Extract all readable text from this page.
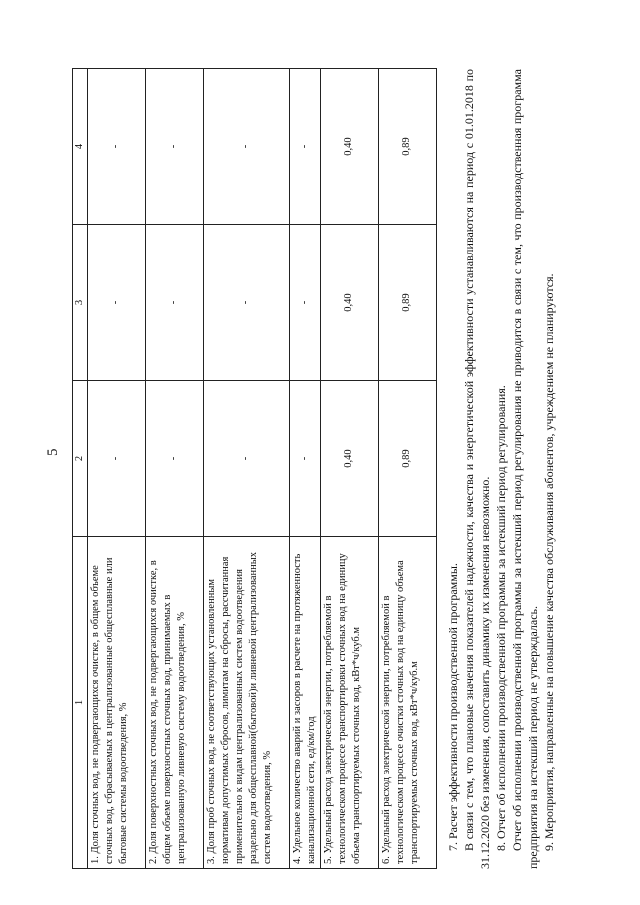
5
1	2	3	4
1. Доля сточных вод, не подвергающихся очистке, в общем объеме сточных вод, сбрасываемых в централизованные общесплавные или бытовые системы водоотведения, %	-	-	-
2. Доля поверхностных сточных вод, не подвергающихся очистке, в общем объеме поверхностных сточных вод, принимаемых в централизованную ливневую систему водоотведения, %	-	-	-
3. Доля проб сточных вод, не соответствующих установленным нормативам допустимых сбросов, лимитам на сбросы, рассчитанная применительно к видам централизованных систем водоотведения раздельно для общесплавной(бытовой)и ливневой централизованных систем водоотведения, %	-	-	-
4. Удельное количество аварий и засоров в расчете на протяженность канализационной сети, ед/км/год	-	-	-
5. Удельный расход электрической энергии, потребляемой в технологическом процессе транспортировки сточных вод на единицу объема транспортируемых сточных вод, кВт*ч/куб.м	0,40	0,40	0,40
6. Удельный расход электрической энергии, потребляемой в технологическом процессе очистки сточных вод на единицу объема транспортируемых сточных вод, кВт*ч/куб.м	0,89	0,89	0,89

7. Расчет эффективности производственной программы. В связи с тем, что плановые значения показателей надежности, качества и энергетической эффективности устанавливаются на период с 01.01.2018 по 31.12.2020 без изменения, сопоставить динамику их изменения невозможно. 8. Отчет об исполнении производственной программы за истекший период регулирования. Отчет об исполнении производственной программы за истекший период регулирования не приводится в связи с тем, что производственная программа предприятия на истекший период не утверждалась. 9. Мероприятия, направленные на повышение качества обслуживания абонентов, учреждением не планируются.
